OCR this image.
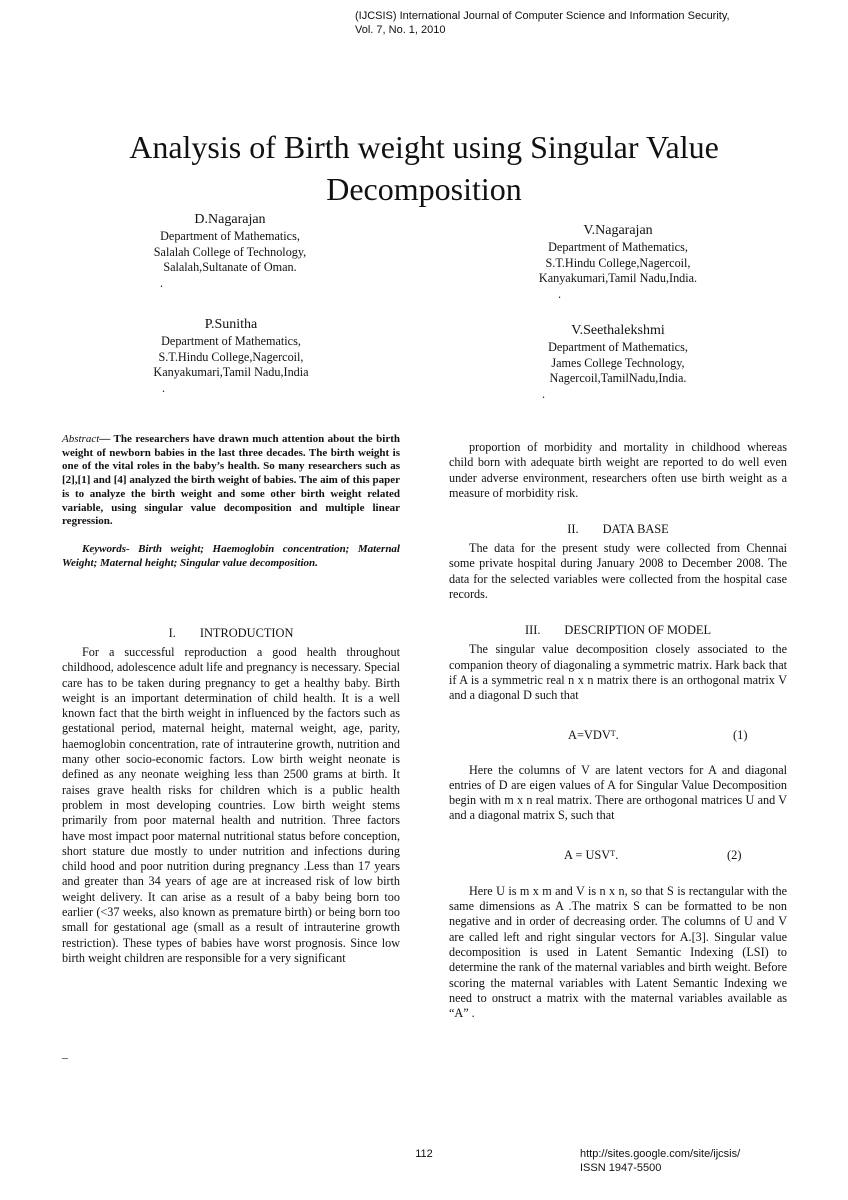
(IJCSIS) International Journal of Computer Science and Information Security,
Vol. 7, No. 1, 2010
Analysis of Birth weight using Singular Value
Decomposition
D.Nagarajan
Department of Mathematics,
Salalah College of Technology,
Salalah,Sultanate of Oman.
.
V.Nagarajan
Department of Mathematics,
S.T.Hindu College,Nagercoil,
Kanyakumari,Tamil Nadu,India.
.
P.Sunitha
Department of Mathematics,
S.T.Hindu College,Nagercoil,
Kanyakumari,Tamil Nadu,India
.
V.Seethalekshmi
Department of Mathematics,
James College Technology,
Nagercoil,TamilNadu,India.
.

Abstract— The researchers have drawn much attention about the birth weight of newborn babies in the last three decades. The birth weight is one of the vital roles in the baby’s health. So many researchers such as [2],[1] and [4] analyzed the birth weight of babies. The aim of this paper is to analyze the birth weight and some other birth weight related variable, using singular value decomposition and multiple linear regression.

Keywords- Birth weight; Haemoglobin concentration; Maternal Weight; Maternal height; Singular value decomposition.

I. INTRODUCTION

For a successful reproduction a good health throughout childhood, adolescence adult life and pregnancy is necessary. Special care has to be taken during pregnancy to get a healthy baby. Birth weight is an important determination of child health. It is a well known fact that the birth weight in influenced by the factors such as gestational period, maternal height, maternal weight, age, parity, haemoglobin concentration, rate of intrauterine growth, nutrition and many other socio-economic factors. Low birth weight neonate is defined as any neonate weighing less than 2500 grams at birth. It raises grave health risks for children which is a public health problem in most developing countries. Low birth weight stems primarily from poor maternal health and nutrition. Three factors have most impact poor maternal nutritional status before conception, short stature due mostly to under nutrition and infections during child hood and poor nutrition during pregnancy .Less than 17 years and greater than 34 years of age are at increased risk of low birth weight delivery. It can arise as a result of a baby being born too earlier (<37 weeks, also known as premature birth) or being born too small for gestational age (small as a result of intrauterine growth restriction). These types of babies have worst prognosis. Since low birth weight children are responsible for a very significant

_

proportion of morbidity and mortality in childhood whereas child born with adequate birth weight are reported to do well even under adverse environment, researchers often use birth weight as a measure of morbidity risk.

II. DATA BASE

The data for the present study were collected from Chennai some private hospital during January 2008 to December 2008. The data for the selected variables were collected from the hospital case records.

III. DESCRIPTION OF MODEL

The singular value decomposition closely associated to the companion theory of diagonaling a symmetric matrix. Hark back that if A is a symmetric real n x n matrix there is an orthogonal matrix V and a diagonal D such that

$A=VDV^T$.	(1)

Here the columns of V are latent vectors for A and diagonal entries of D are eigen values of A for Singular Value Decomposition begin with m x n real matrix. There are orthogonal matrices U and V and a diagonal matrix S, such that

$A = USV^T$.	(2)

Here U is m x m and V is n x n, so that S is rectangular with the same dimensions as A .The matrix S can be formatted to be non negative and in order of decreasing order. The columns of U and V are called left and right singular vectors for A.[3]. Singular value decomposition is used in Latent Semantic Indexing (LSI) to determine the rank of the maternal variables and birth weight. Before scoring the maternal variables with Latent Semantic Indexing we need to onstruct a matrix with the maternal variables available as “A” .

112	http://sites.google.com/site/ijcsis/
ISSN 1947-5500
